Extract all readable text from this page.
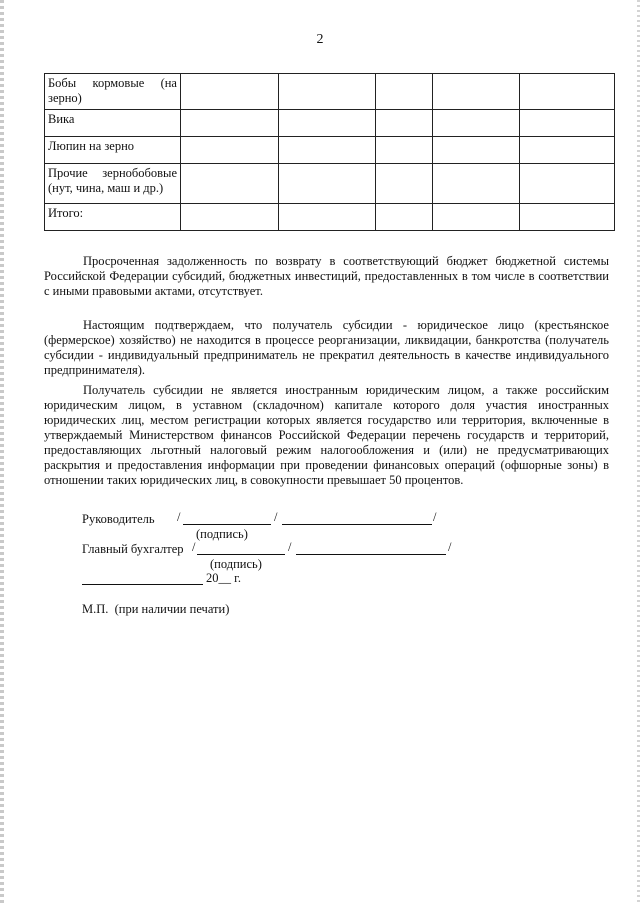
2
Бобы кормовые (на зерно)					
Вика					
Люпин на зерно					
Прочие зернобобовые (нут, чина, маш и др.)					
Итого:					

Просроченная задолженность по возврату в соответствующий бюджет бюджетной системы Российской Федерации субсидий, бюджетных инвестиций, предоставленных в том числе в соответствии с иными правовыми актами, отсутствует.

Настоящим подтверждаем, что получатель субсидии - юридическое лицо (крестьянское (фермерское) хозяйство) не находится в процессе реорганизации, ликвидации, банкротства (получатель субсидии - индивидуальный предприниматель не прекратил деятельность в качестве индивидуального предпринимателя).

Получатель субсидии не является иностранным юридическим лицом, а также российским юридическим лицом, в уставном (складочном) капитале которого доля участия иностранных юридических лиц, местом регистрации которых является государство или территория, включенные в утверждаемый Министерством финансов Российской Федерации перечень государств и территорий, предоставляющих льготный налоговый режим налогообложения и (или) не предусматривающих раскрытия и предоставления информации при проведении финансовых операций (офшорные зоны) в отношении таких юридических лиц, в совокупности превышает 50 процентов.

Руководитель /	/	/
(подпись)
Главный бухгалтер /	/	/
(подпись)
20__ г.
М.П.  (при наличии печати)
